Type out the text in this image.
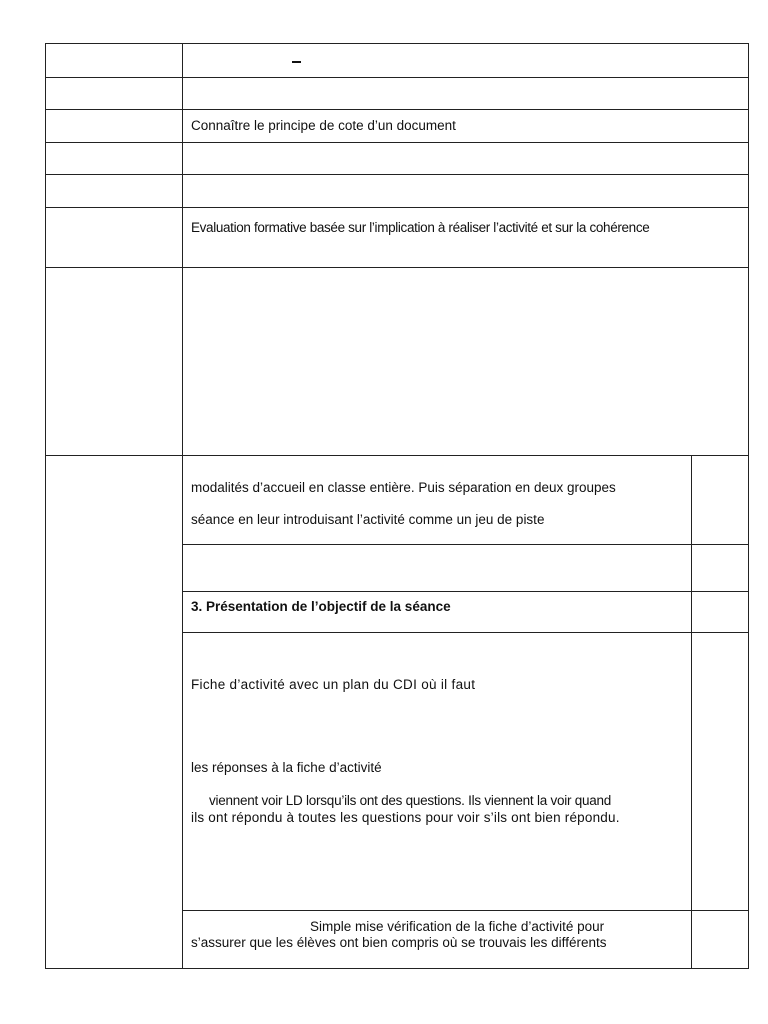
Connaître le principe de cote d’un document
Evaluation formative basée sur l’implication à réaliser l’activité et sur la cohérence
modalités d’accueil en classe entière. Puis séparation en deux groupes
séance en leur introduisant l’activité comme un jeu de piste
3. Présentation de l’objectif de la séance
Fiche d’activité avec un plan du CDI où il faut
les réponses à la fiche d’activité
viennent voir LD lorsqu’ils ont des questions. Ils viennent la voir quand
ils ont répondu à toutes les questions pour voir s’ils ont bien répondu.
Simple mise vérification de la fiche d’activité pour
s’assurer que les élèves ont bien compris où se trouvais les différents
